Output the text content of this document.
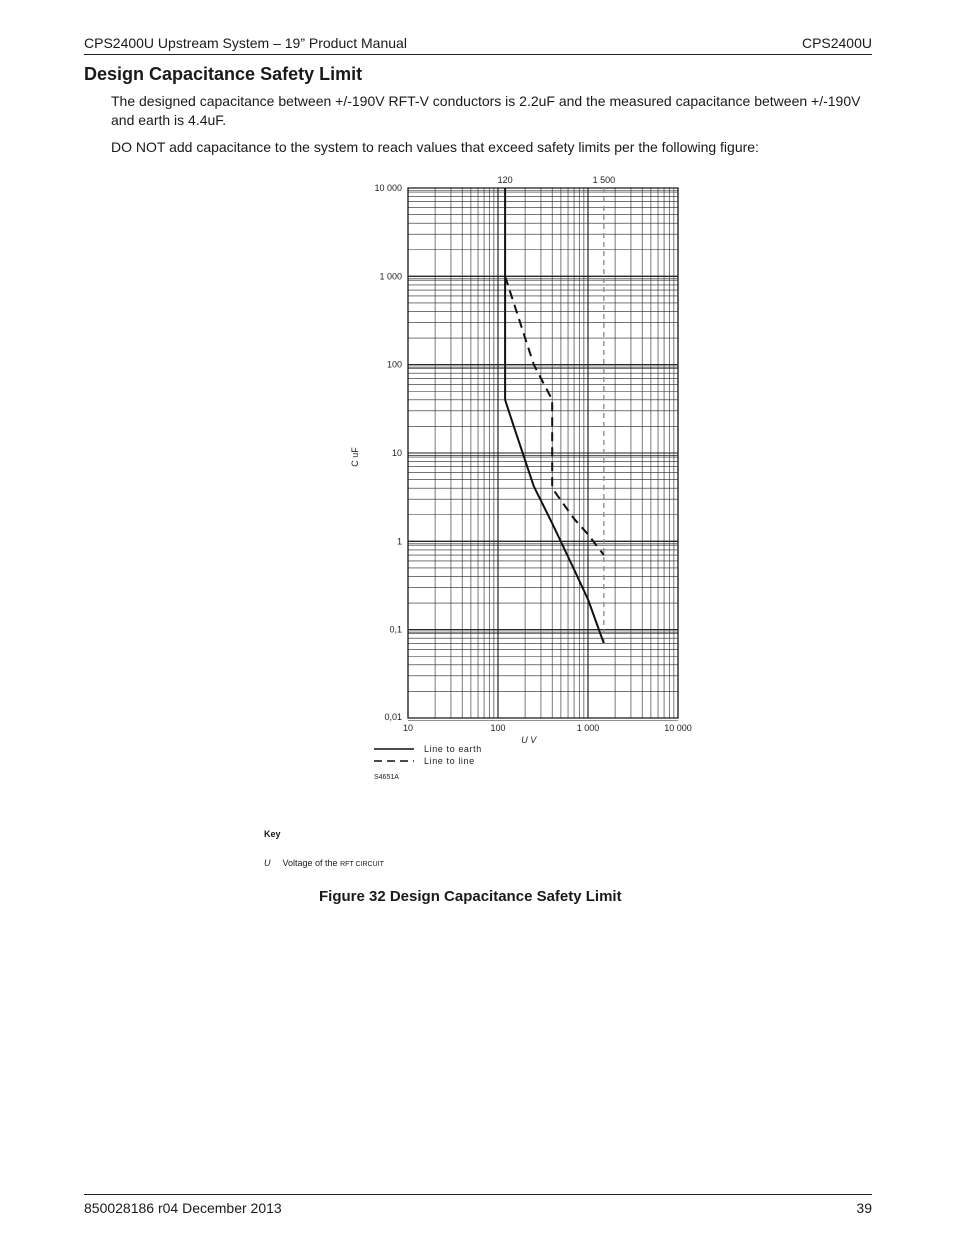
CPS2400U Upstream System – 19” Product Manual	CPS2400U
Design Capacitance Safety Limit

The designed capacitance between +/-190V RFT-V conductors is 2.2uF and the measured capacitance between +/-190V and earth is 4.4uF.

DO NOT add capacitance to the system to reach values that exceed safety limits per the following figure:

120	1 500
0,01
0,1
1
10
100
1 000
10 000
10	100	1 000	10 000
U V
C uF
Line to earth
Line to line
S4651A
Key
U Voltage of the RFT CIRCUIT
Figure 32 Design Capacitance Safety Limit
850028186 r04 December 2013	39
